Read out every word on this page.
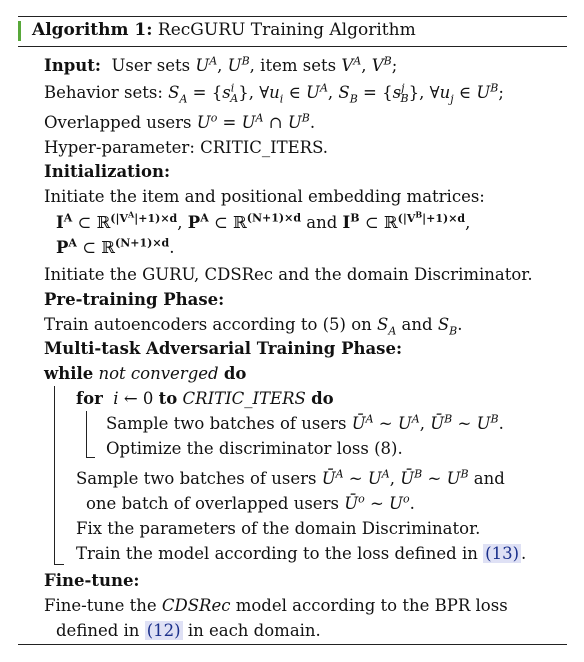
Algorithm 1: RecGURU Training Algorithm
Input:  User sets $U^A$, $U^B$, item sets $V^A$, $V^B$;
Behavior sets: $S_A = \{s^i_A\}$, $\forall u_i$ ∈ $U^A$, $S_B = \{s^j_B\}$, $\forall u_j$ ∈ $U^B$;
Overlapped users $U^o = U^A$ ∩ $U^B$.
Hyper-parameter: CRITIC_ITERS.
Initialization:
Initiate the item and positional embedding matrices:
$I^A$ ⊂ ℝ$^{(|V^A|+1)\times d}$, $P^A$ ⊂ ℝ$^{(N+1)\times d}$ and $I^B$ ⊂ ℝ$^{(|V^B|+1)\times d}$,
$P^A$ ⊂ ℝ$^{(N+1)\times d}$.
Initiate the GURU, CDSRec and the domain Discriminator.
Pre-training Phase:
Train autoencoders according to (5) on $S_A$ and $S_B$.
Multi-task Adversarial Training Phase:
while not converged do
for i ← 0 to CRITIC_ITERS do
Sample two batches of users $Ū^A$ ~ $U^A$, $Ū^B$ ~ $U^B$.
Optimize the discriminator loss (8).
Sample two batches of users $Ū^A$ ~ $U^A$, $Ū^B$ ~ $U^B$ and
one batch of overlapped users $Ū^o$ ~ $U^o$.
Fix the parameters of the domain Discriminator.
Train the model according to the loss defined in (13) .
Fine-tune:
Fine-tune the CDSRec model according to the BPR loss
defined in (12) in each domain.
